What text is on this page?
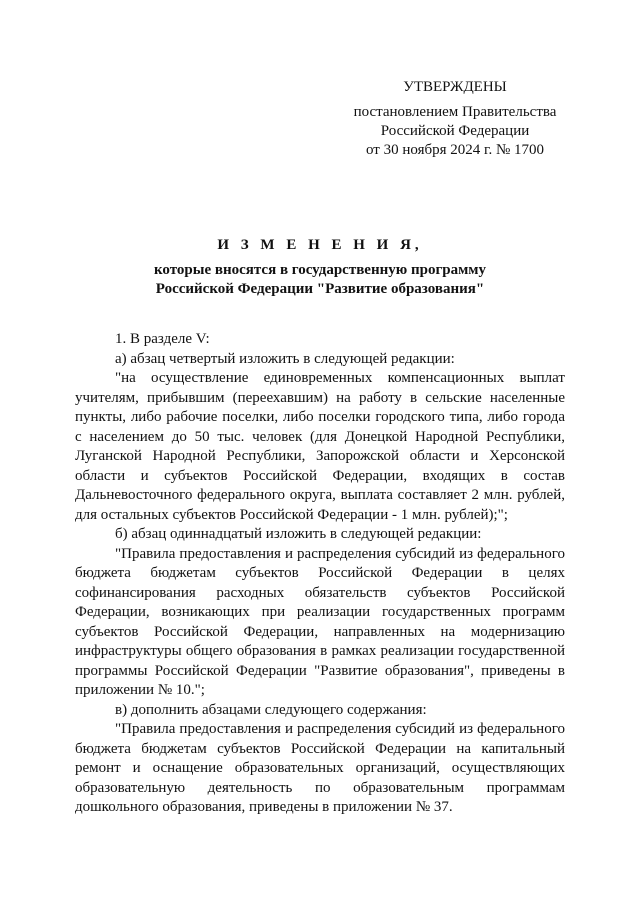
УТВЕРЖДЕНЫ
постановлением Правительства
Российской Федерации
от 30 ноября 2024 г. № 1700
И З М Е Н Е Н И Я,
которые вносятся в государственную программу
Российской Федерации "Развитие образования"

1. В разделе V:

а) абзац четвертый изложить в следующей редакции:

"на осуществление единовременных компенсационных выплат учителям, прибывшим (переехавшим) на работу в сельские населенные пункты, либо рабочие поселки, либо поселки городского типа, либо города с населением до 50 тыс. человек (для Донецкой Народной Республики, Луганской Народной Республики, Запорожской области и Херсонской области и субъектов Российской Федерации, входящих в состав Дальневосточного федерального округа, выплата составляет 2 млн. рублей, для остальных субъектов Российской Федерации - 1 млн. рублей);";

б) абзац одиннадцатый изложить в следующей редакции:

"Правила предоставления и распределения субсидий из федерального бюджета бюджетам субъектов Российской Федерации в целях софинансирования расходных обязательств субъектов Российской Федерации, возникающих при реализации государственных программ субъектов Российской Федерации, направленных на модернизацию инфраструктуры общего образования в рамках реализации государственной программы Российской Федерации "Развитие образования", приведены в приложении № 10.";

в) дополнить абзацами следующего содержания:

"Правила предоставления и распределения субсидий из федерального бюджета бюджетам субъектов Российской Федерации на капитальный ремонт и оснащение образовательных организаций, осуществляющих образовательную деятельность по образовательным программам дошкольного образования, приведены в приложении № 37.
